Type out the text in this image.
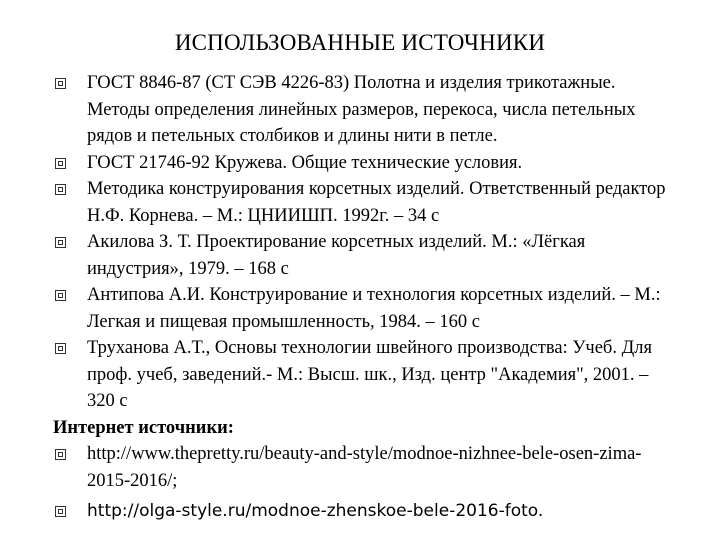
ИСПОЛЬЗОВАННЫЕ ИСТОЧНИКИ
ГОСТ 8846-87 (СТ СЭВ 4226-83) Полотна и изделия трикотажные. Методы определения линейных размеров, перекоса, числа петельных рядов и петельных столбиков и длины нити в петле.
ГОСТ 21746-92 Кружева. Общие технические условия.
Методика конструирования корсетных изделий. Ответственный редактор Н.Ф. Корнева. – М.: ЦНИИШП. 1992г. – 34 с
Акилова З. Т. Проектирование корсетных изделий. М.: «Лёгкая индустрия», 1979. – 168 с
Антипова А.И. Конструирование и технология корсетных изделий. – М.: Легкая и пищевая промышленность, 1984. – 160 с
Труханова А.Т., Основы технологии швейного производства: Учеб. Для проф. учеб, заведений.- М.: Высш. шк., Изд. центр "Академия", 2001. – 320 с
Интернет источники:
http://www.thepretty.ru/beauty-and-style/modnoe-nizhnee-bele-osen-zima-2015-2016/;
http://olga-style.ru/modnoe-zhenskoe-bele-2016-foto.
